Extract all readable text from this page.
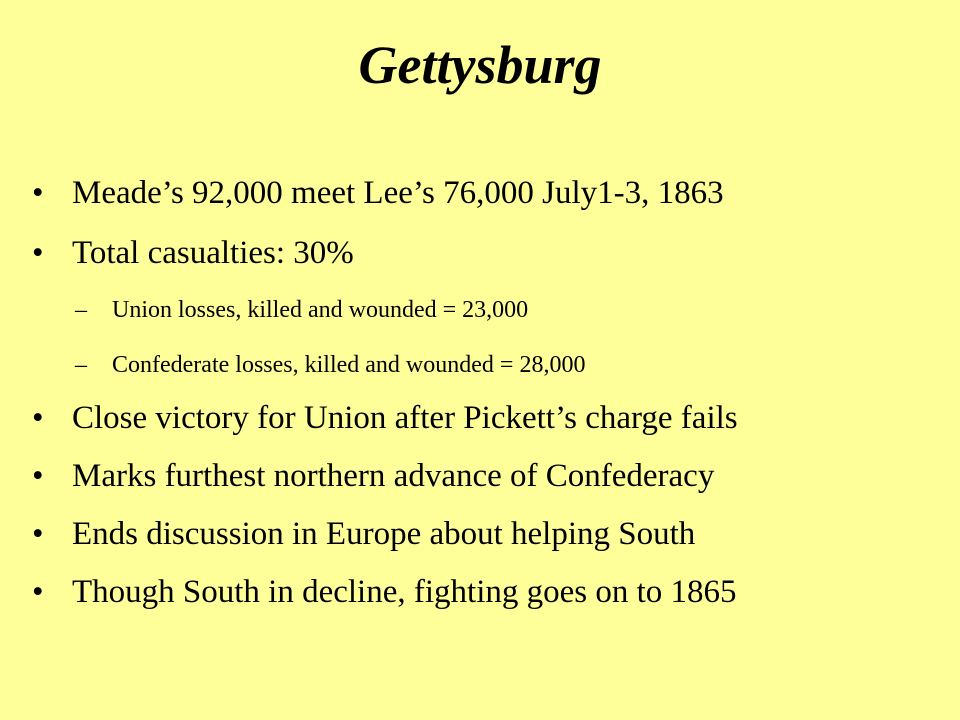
Gettysburg
• Meade’s 92,000 meet Lee’s 76,000 July1-3, 1863
• Total casualties: 30%
– Union losses, killed and wounded = 23,000
– Confederate losses, killed and wounded = 28,000
• Close victory for Union after Pickett’s charge fails
• Marks furthest northern advance of Confederacy
• Ends discussion in Europe about helping South
• Though South in decline, fighting goes on to 1865
